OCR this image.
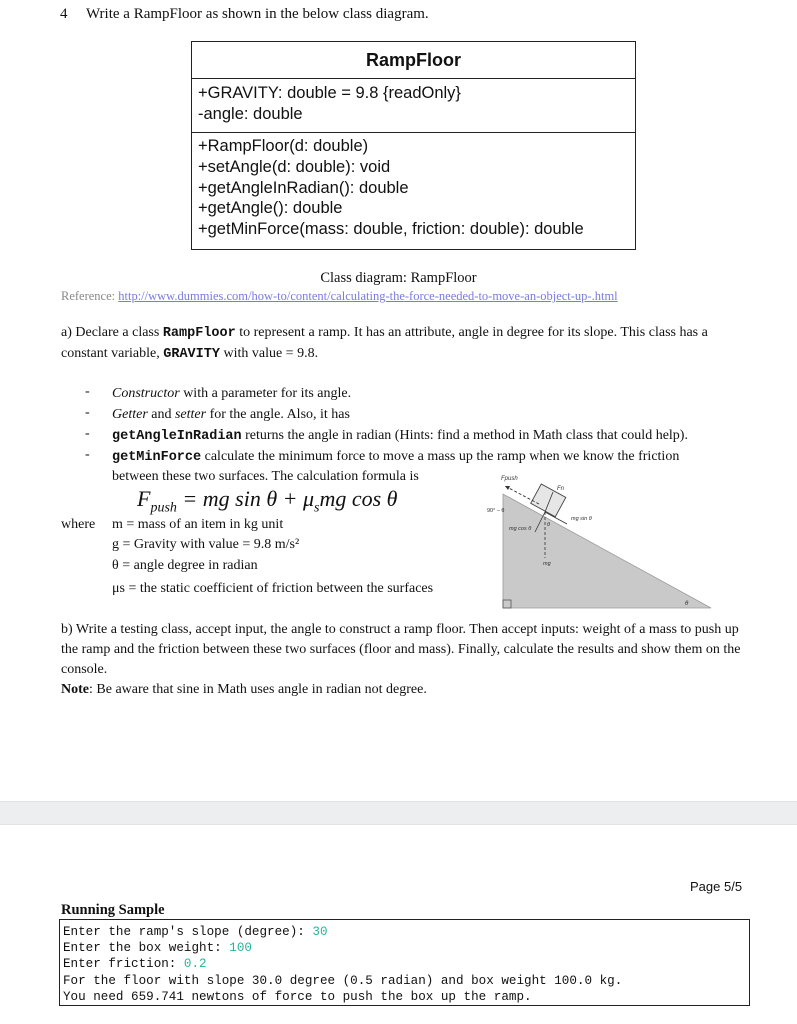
4 Write a RampFloor as shown in the below class diagram.
RampFloor
+GRAVITY: double = 9.8 {readOnly}
-angle: double
+RampFloor(d: double)
+setAngle(d: double): void
+getAngleInRadian(): double
+getAngle(): double
+getMinForce(mass: double, friction: double): double
Class diagram: RampFloor
Reference: http://www.dummies.com/how-to/content/calculating-the-force-needed-to-move-an-object-up-.html
a) Declare a class RampFloor to represent a ramp. It has an attribute, angle in degree for its slope. This class has a constant variable, GRAVITY with value = 9.8.
- Constructor with a parameter for its angle.
- Getter and setter for the angle. Also, it has
- getAngleInRadian returns the angle in radian (Hints: find a method in Math class that could help).
- getMinForce calculate the minimum force to move a mass up the ramp when we know the friction
between these two surfaces. The calculation formula is
$F_{push}$ = mg $\sin \theta + \mu_smg$ cos θ
where m = mass of an item in kg unit
g = Gravity with value = 9.8 m/s²
θ = angle degree in radian
μs = the static coefficient of friction between the surfaces
Fpush
Fn
90° – θ
mg sin θ
mg cos θ
θ
mg
θ
b) Write a testing class, accept input, the angle to construct a ramp floor. Then accept inputs: weight of a mass to push up the ramp and the friction between these two surfaces (floor and mass). Finally, calculate the results and show them on the console.
Note: Be aware that sine in Math uses angle in radian not degree.
Page 5/5
Running Sample
Enter the ramp's slope (degree): 30
Enter the box weight: 100
Enter friction: 0.2
For the floor with slope 30.0 degree (0.5 radian) and box weight 100.0 kg.
You need 659.741 newtons of force to push the box up the ramp.
